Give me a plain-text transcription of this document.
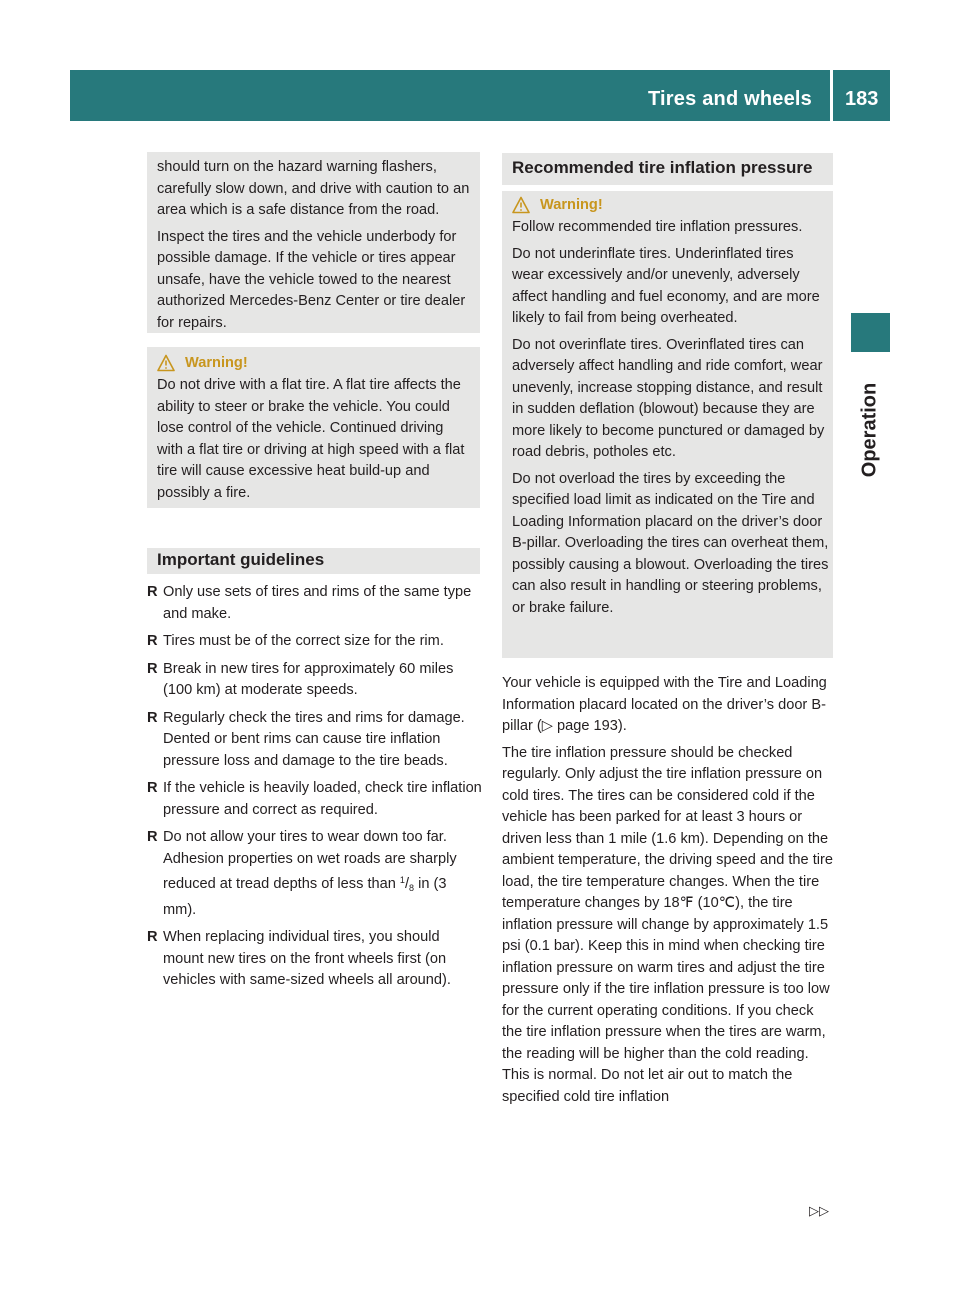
Tires and wheels 183
Operation

should turn on the hazard warning flashers, carefully slow down, and drive with caution to an area which is a safe distance from the road.

Inspect the tires and the vehicle underbody for possible damage. If the vehicle or tires appear unsafe, have the vehicle towed to the nearest authorized Mercedes-Benz Center or tire dealer for repairs.

Warning!

Do not drive with a flat tire. A flat tire affects the ability to steer or brake the vehicle. You could lose control of the vehicle. Continued driving with a flat tire or driving at high speed with a flat tire will cause excessive heat build-up and possibly a fire.

Important guidelines
R Only use sets of tires and rims of the same type and make.
R Tires must be of the correct size for the rim.
R Break in new tires for approximately 60 miles (100 km) at moderate speeds.
R Regularly check the tires and rims for damage. Dented or bent rims can cause tire inflation pressure loss and damage to the tire beads.
R If the vehicle is heavily loaded, check tire inflation pressure and correct as required.
R Do not allow your tires to wear down too far. Adhesion properties on wet roads are sharply reduced at tread depths of less than $^1/_8$ in (3 mm).
R When replacing individual tires, you should mount new tires on the front wheels first (on vehicles with same-sized wheels all around).
Recommended tire inflation pressure
Warning!

Follow recommended tire inflation pressures.

Do not underinflate tires. Underinflated tires wear excessively and/or unevenly, adversely affect handling and fuel economy, and are more likely to fail from being overheated.

Do not overinflate tires. Overinflated tires can adversely affect handling and ride comfort, wear unevenly, increase stopping distance, and result in sudden deflation (blowout) because they are more likely to become punctured or damaged by road debris, potholes etc.

Do not overload the tires by exceeding the specified load limit as indicated on the Tire and Loading Information placard on the driver’s door B-pillar. Overloading the tires can overheat them, possibly causing a blowout. Overloading the tires can also result in handling or steering problems, or brake failure.

Your vehicle is equipped with the Tire and Loading Information placard located on the driver’s door B-pillar (▷ page 193).

The tire inflation pressure should be checked regularly. Only adjust the tire inflation pressure on cold tires. The tires can be considered cold if the vehicle has been parked for at least 3 hours or driven less than 1 mile (1.6 km). Depending on the ambient temperature, the driving speed and the tire load, the tire temperature changes. When the tire temperature changes by 18℉ (10℃), the tire inflation pressure will change by approximately 1.5 psi (0.1 bar). Keep this in mind when checking tire inflation pressure on warm tires and adjust the tire pressure only if the tire inflation pressure is too low for the current operating conditions. If you check the tire inflation pressure when the tires are warm, the reading will be higher than the cold reading. This is normal. Do not let air out to match the specified cold tire inflation

▷▷
